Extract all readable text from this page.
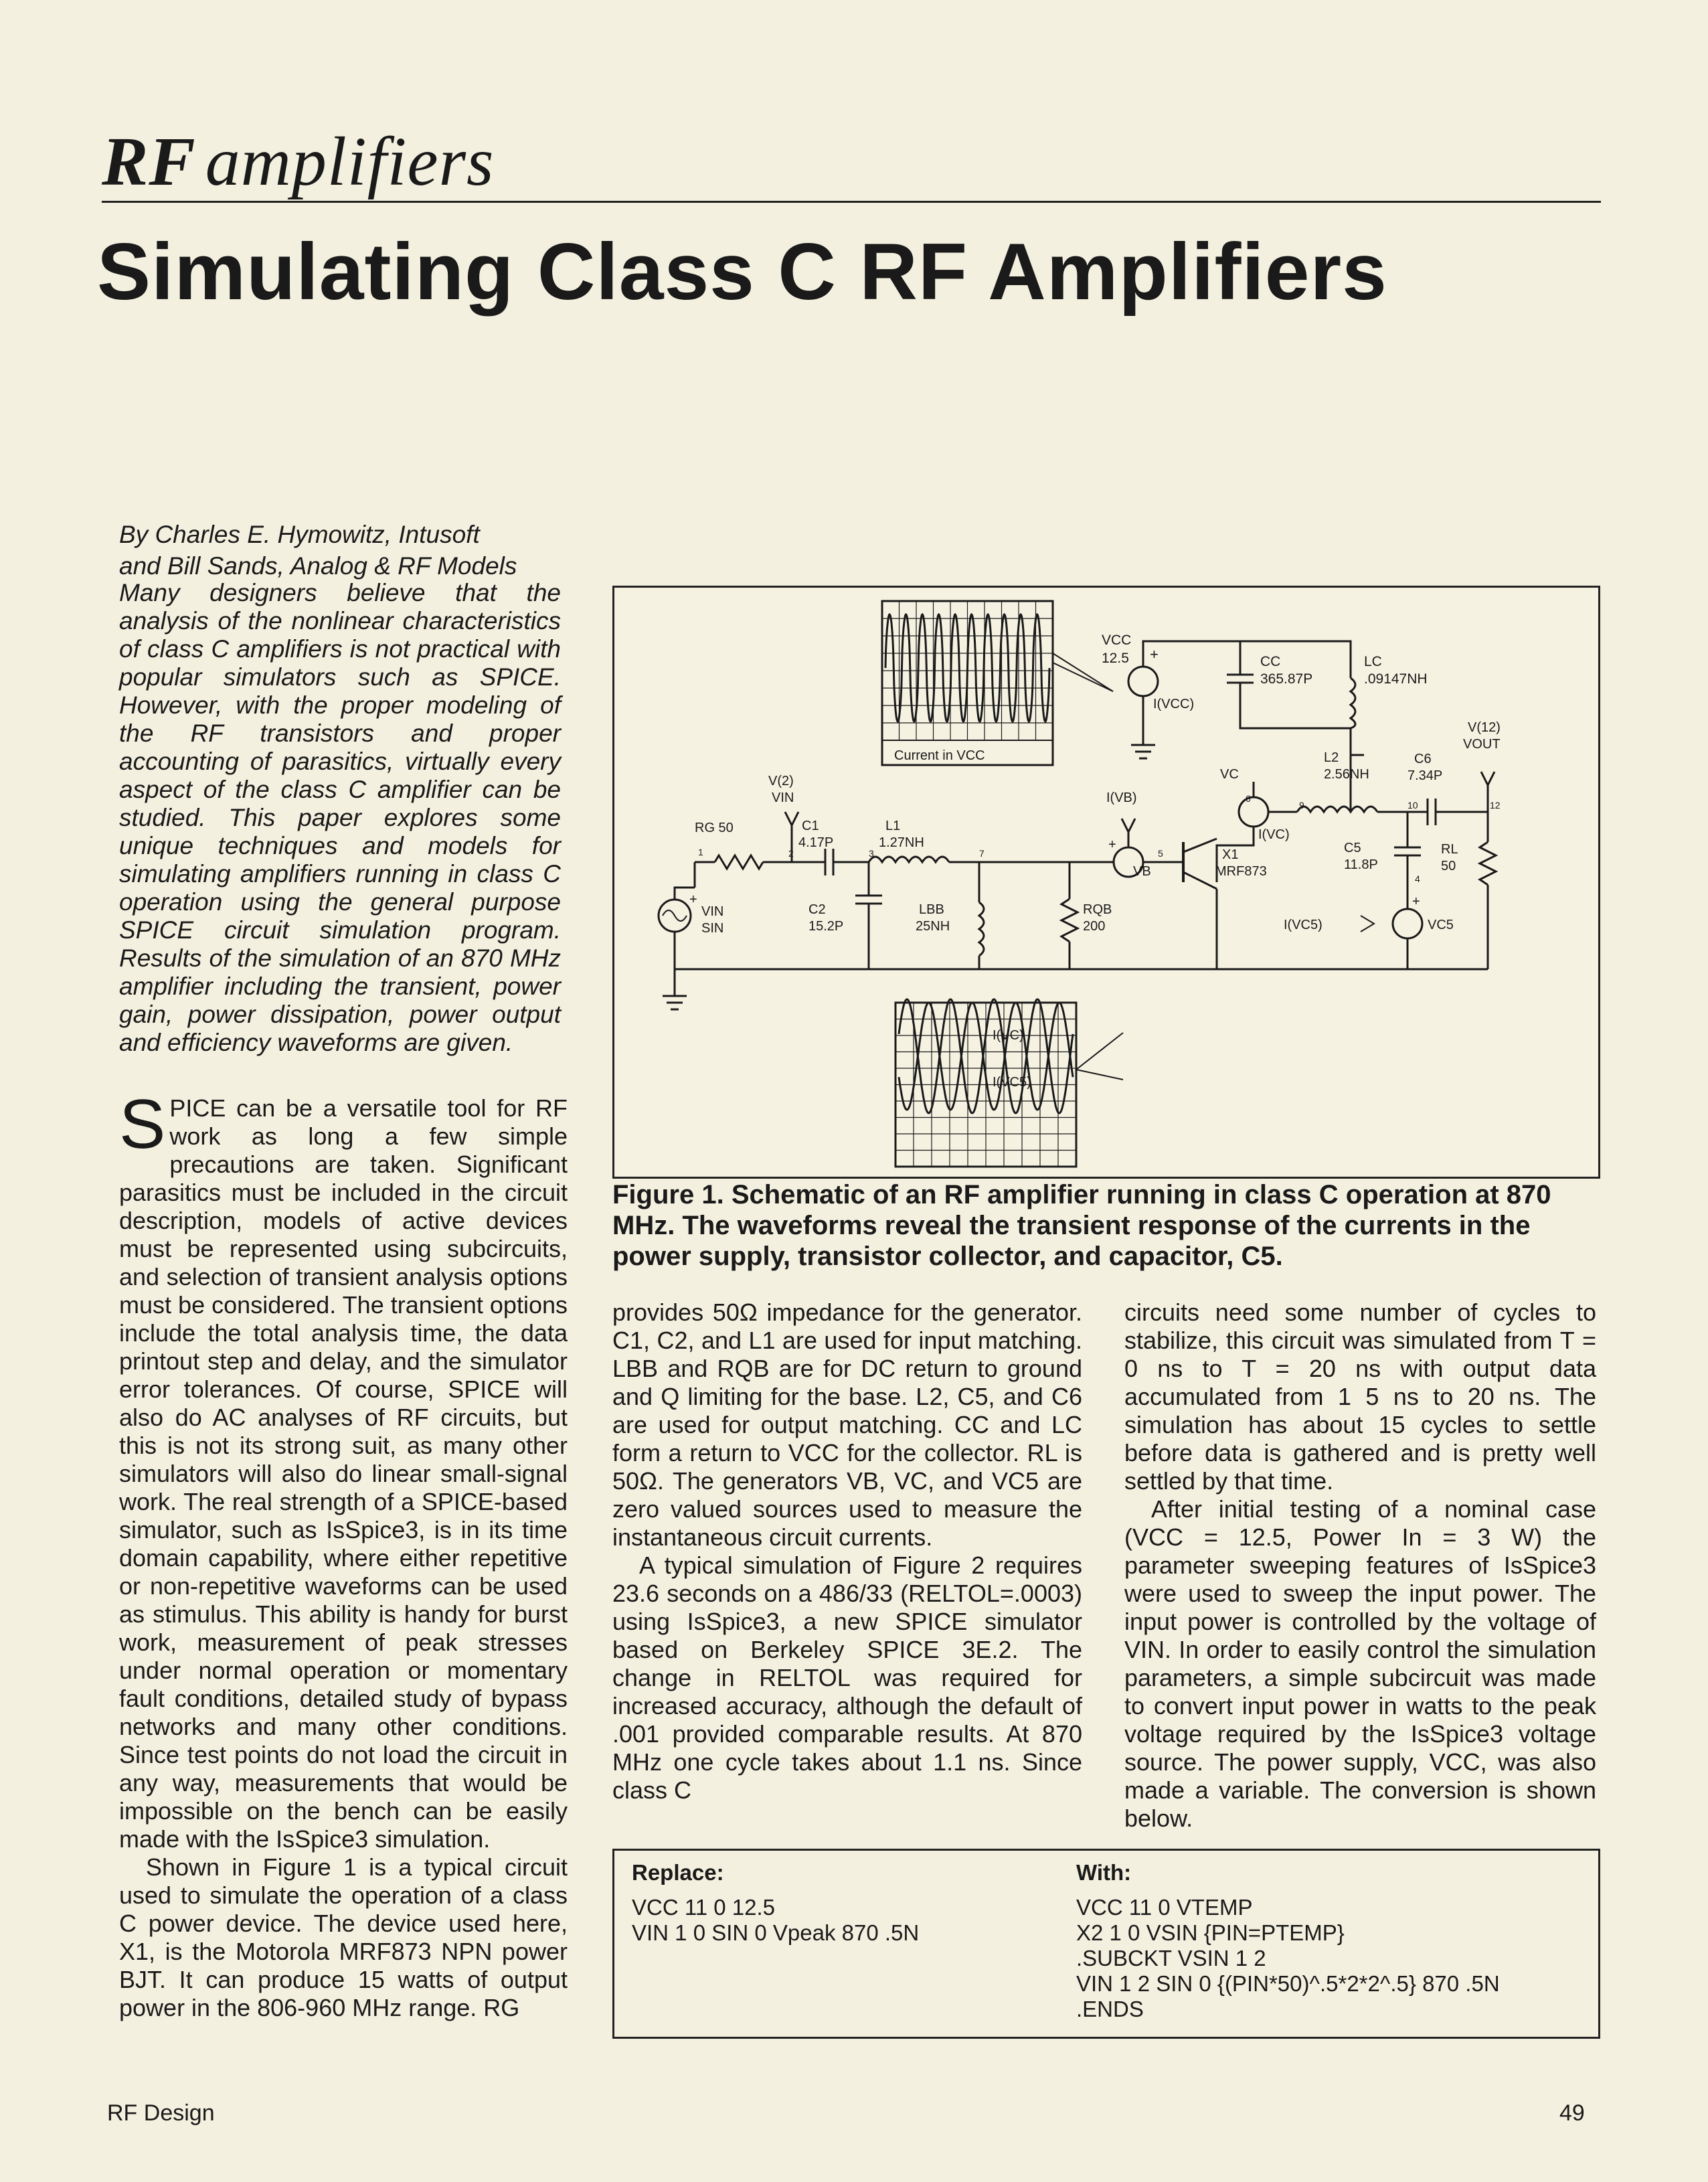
RF amplifiers
Simulating Class C RF Amplifiers
By Charles E. Hymowitz, Intusoft
and Bill Sands, Analog & RF Models
Many designers believe that the analysis of the nonlinear characteristics of class C amplifiers is not practical with popular simulators such as SPICE. However, with the proper modeling of the RF transistors and proper accounting of parasitics, virtually every aspect of the class C amplifier can be studied. This paper explores some unique techniques and models for simulating amplifiers running in class C operation using the general purpose SPICE circuit simulation program. Results of the simulation of an 870 MHz amplifier including the transient, power gain, power dissipation, power output and efficiency waveforms are given.

SPICE can be a versatile tool for RF work as long a few simple precautions are taken. Significant parasitics must be included in the circuit description, models of active devices must be represented using subcircuits, and selection of transient analysis options must be considered. The transient options include the total analysis time, the data printout step and delay, and the simulator error tolerances. Of course, SPICE will also do AC analyses of RF circuits, but this is not its strong suit, as many other simulators will also do linear small-signal work. The real strength of a SPICE-based simulator, such as IsSpice3, is in its time domain capability, where either repetitive or non-repetitive waveforms can be used as stimulus. This ability is handy for burst work, measurement of peak stresses under normal operation or momentary fault conditions, detailed study of bypass networks and many other conditions. Since test points do not load the circuit in any way, measurements that would be impossible on the bench can be easily made with the IsSpice3 simulation.

Shown in Figure 1 is a typical circuit used to simulate the operation of a class C power device. The device used here, X1, is the Motorola MRF873 NPN power BJT. It can produce 15 watts of output power in the 806-960 MHz range. RG

Current in VCC
VCC
12.5 +
I(VCC)
CC
365.87P
LC
.09147NH
VC
6
I(VC)
9
L2
2.56NH
10
C6
7.34P
12
V(12)
VOUT
C5
11.8P
4
RL
50
+
VC5
I(VC5)
X1
MRF873
5
VB
+
I(VB)
1
RG 50
2
V(2)
VIN
C1
4.17P
3
L1
1.27NH
7
C2
15.2P
LBB
25NH
RQB
200
+
VIN
SIN
I(VC)
I(VC5)
Figure 1. Schematic of an RF amplifier running in class C operation at 870 MHz. The waveforms reveal the transient response of the currents in the power supply, transistor collector, and capacitor, C5.

provides 50Ω impedance for the generator. C1, C2, and L1 are used for input matching. LBB and RQB are for DC return to ground and Q limiting for the base. L2, C5, and C6 are used for output matching. CC and LC form a return to VCC for the collector. RL is 50Ω. The generators VB, VC, and VC5 are zero valued sources used to measure the instantaneous circuit currents.

A typical simulation of Figure 2 requires 23.6 seconds on a 486/33 (RELTOL=.0003) using IsSpice3, a new SPICE simulator based on Berkeley SPICE 3E.2. The change in RELTOL was required for increased accuracy, although the default of .001 provided comparable results. At 870 MHz one cycle takes about 1.1 ns. Since class C

circuits need some number of cycles to stabilize, this circuit was simulated from T = 0 ns to T = 20 ns with output data accumulated from 1 5 ns to 20 ns. The simulation has about 15 cycles to settle before data is gathered and is pretty well settled by that time.

After initial testing of a nominal case (VCC = 12.5, Power In = 3 W) the parameter sweeping features of IsSpice3 were used to sweep the input power. The input power is controlled by the voltage of VIN. In order to easily control the simulation parameters, a simple subcircuit was made to convert input power in watts to the peak voltage required by the IsSpice3 voltage source. The power supply, VCC, was also made a variable. The conversion is shown below.

Replace:
VCC 11 0 12.5
VIN 1 0 SIN 0 Vpeak 870 .5N
With:
VCC 11 0 VTEMP
X2 1 0 VSIN {PIN=PTEMP}
.SUBCKT VSIN 1 2
VIN 1 2 SIN 0 {(PIN*50)^.5*2*2^.5} 870 .5N
.ENDS
RF Design	49
